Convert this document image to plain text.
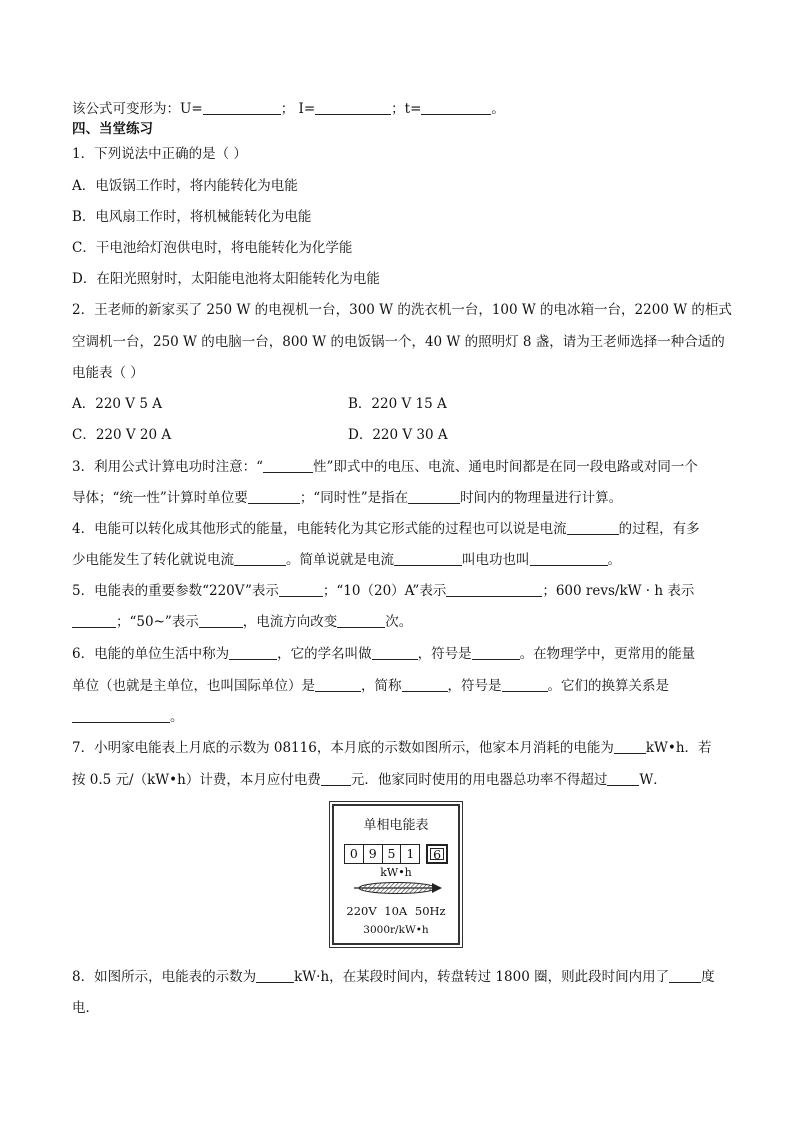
该公式可变形为：U=	； I=	；t=	。
四、当堂练习
1．下列说法中正确的是（ ）
A．电饭锅工作时，将内能转化为电能
B．电风扇工作时，将机械能转化为电能
C．干电池给灯泡供电时，将电能转化为化学能
D．在阳光照射时，太阳能电池将太阳能转化为电能
2．王老师的新家买了 250 W 的电视机一台，300 W 的洗衣机一台，100 W 的电冰箱一台，2200 W 的柜式
空调机一台，250 W 的电脑一台，800 W 的电饭锅一个，40 W 的照明灯 8 盏，请为王老师选择一种合适的
电能表（ ）
A．220 V 5 A	B．220 V 15 A
C．220 V 20 A	D．220 V 30 A
3．利用公式计算电功时注意：“	性”即式中的电压、电流、通电时间都是在同一段电路或对同一个
导体；“统一性”计算时单位要	；“同时性”是指在	时间内的物理量进行计算。
4．电能可以转化成其他形式的能量，电能转化为其它形式能的过程也可以说是电流	的过程，有多
少电能发生了转化就说电流	。简单说就是电流	叫电功也叫	。
5．电能表的重要参数“220V”表示	；“10（20）A”表示	；600 revs/kW · h 表示
；“50~”表示	，电流方向改变	次。
6．电能的单位生活中称为	，它的学名叫做	，符号是	。在物理学中，更常用的能量
单位（也就是主单位，也叫国际单位）是	，简称	，符号是	。它们的换算关系是
。
7．小明家电能表上月底的示数为 08116，本月底的示数如图所示，他家本月消耗的电能为 kW•h．若
按 0.5 元/（kW•h）计费，本月应付电费 元．他家同时使用的用电器总功率不得超过 W．
单相电能表
0 9 5 1	6
kW•h
220V 10A 50Hz
3000r/kW•h
8．如图所示，电能表的示数为	kW·h，在某段时间内，转盘转过 1800 圈，则此段时间内用了 度
电．
